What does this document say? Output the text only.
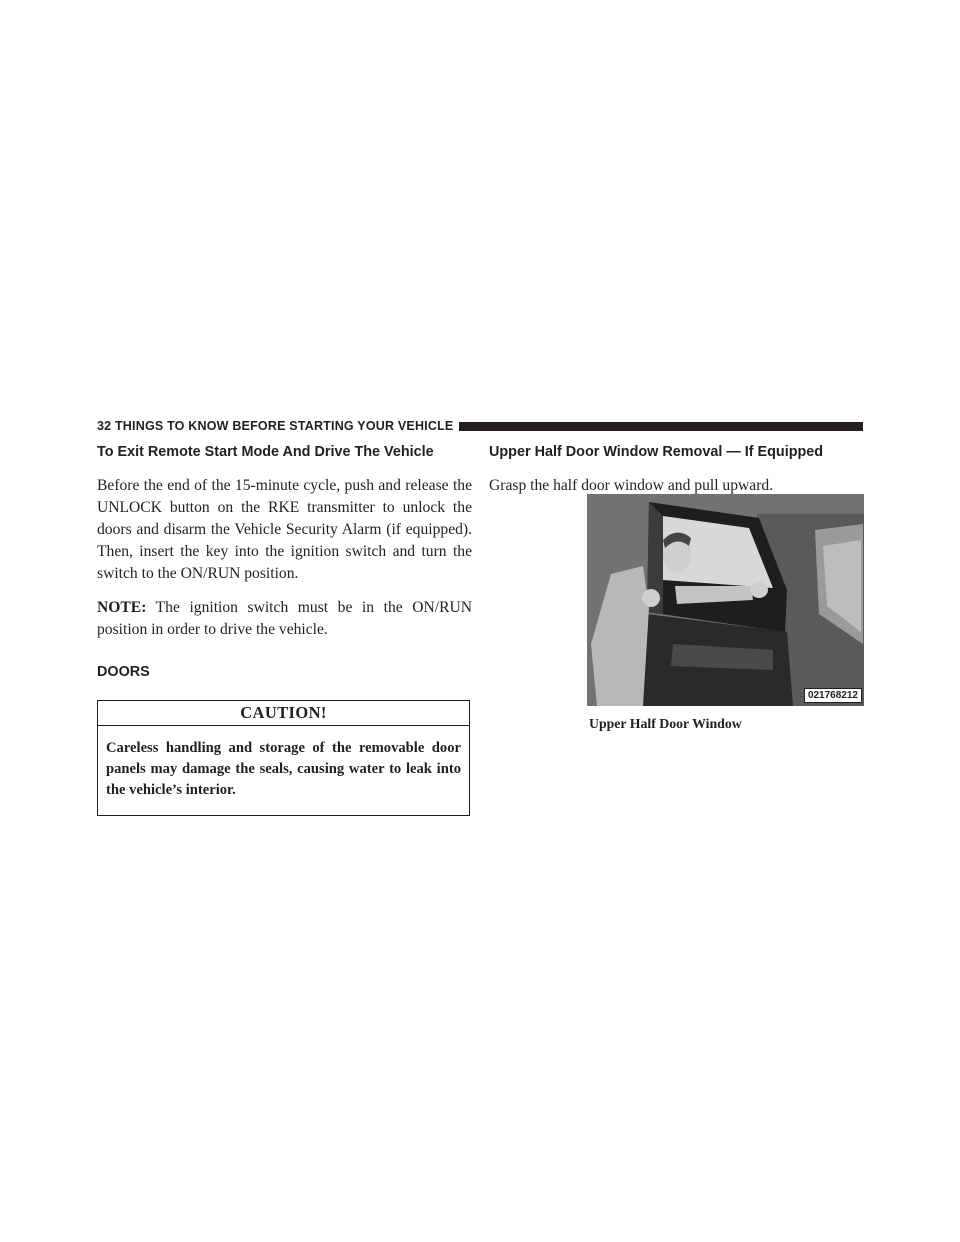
32 THINGS TO KNOW BEFORE STARTING YOUR VEHICLE
To Exit Remote Start Mode And Drive The Vehicle

Before the end of the 15-minute cycle, push and release the UNLOCK button on the RKE transmitter to unlock the doors and disarm the Vehicle Security Alarm (if equipped). Then, insert the key into the ignition switch and turn the switch to the ON/RUN position.

NOTE: The ignition switch must be in the ON/RUN position in order to drive the vehicle.

DOORS
CAUTION!
Careless handling and storage of the removable door panels may damage the seals, causing water to leak into the vehicle’s interior.
Upper Half Door Window Removal — If Equipped

Grasp the half door window and pull upward.

021768212
Upper Half Door Window
